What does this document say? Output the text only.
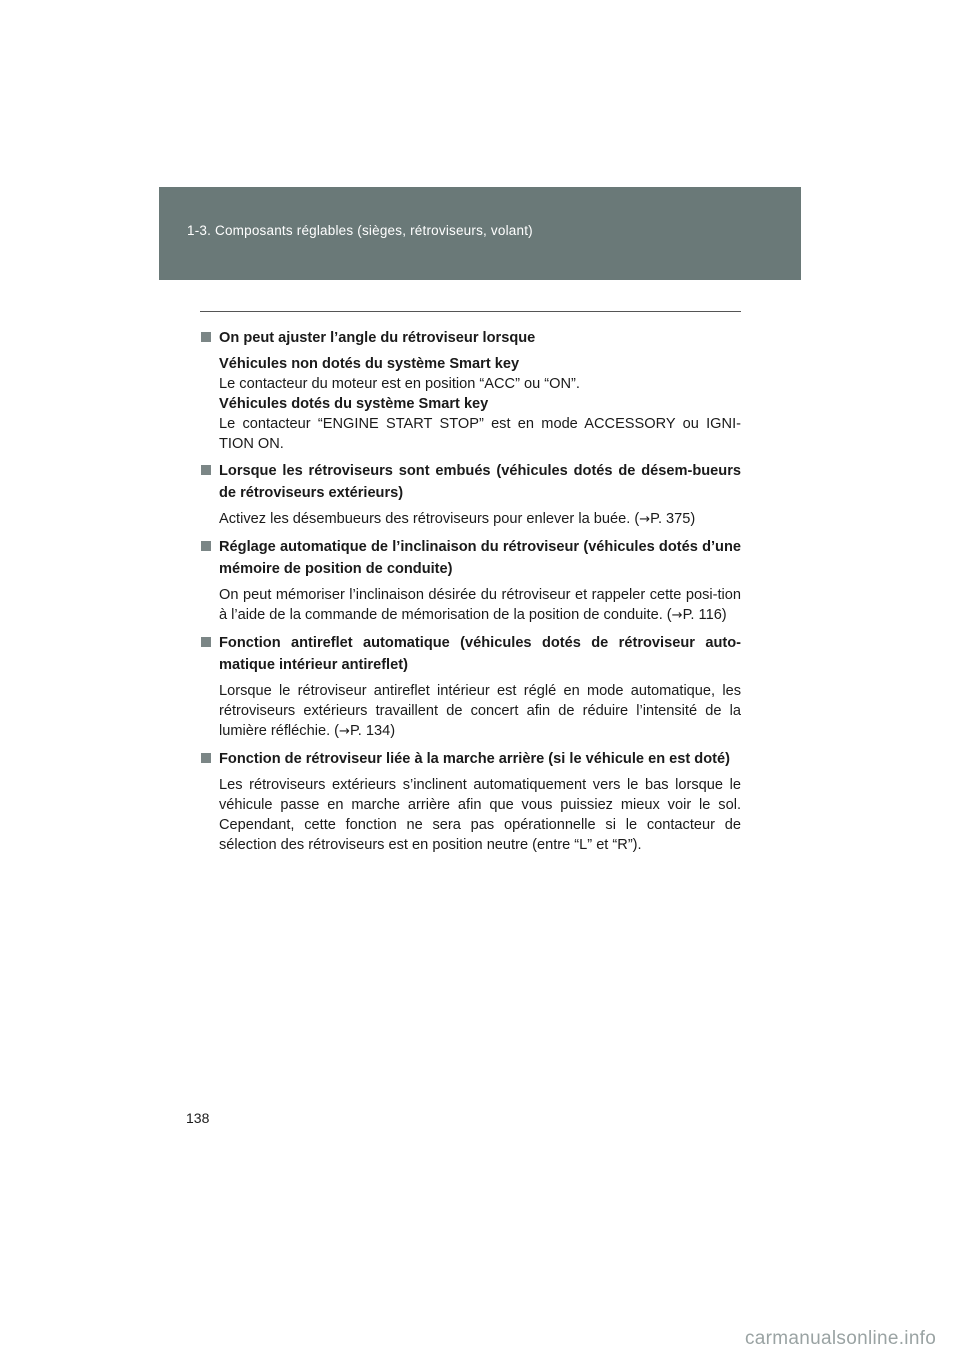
1-3. Composants réglables (sièges, rétroviseurs, volant)
On peut ajuster l’angle du rétroviseur lorsque
Véhicules non dotés du système Smart key
Le contacteur du moteur est en position “ACC” ou “ON”.
Véhicules dotés du système Smart key
Le contacteur “ENGINE START STOP” est en mode ACCESSORY ou IGNI-TION ON.
Lorsque les rétroviseurs sont embués (véhicules dotés de désem-bueurs de rétroviseurs extérieurs)
Activez les désembueurs des rétroviseurs pour enlever la buée. (→P. 375)
Réglage automatique de l’inclinaison du rétroviseur (véhicules dotés d’une mémoire de position de conduite)
On peut mémoriser l’inclinaison désirée du rétroviseur et rappeler cette posi-tion à l’aide de la commande de mémorisation de la position de conduite. (→P. 116)
Fonction antireflet automatique (véhicules dotés de rétroviseur auto-matique intérieur antireflet)
Lorsque le rétroviseur antireflet intérieur est réglé en mode automatique, les rétroviseurs extérieurs travaillent de concert afin de réduire l’intensité de la lumière réfléchie. (→P. 134)
Fonction de rétroviseur liée à la marche arrière (si le véhicule en est doté)
Les rétroviseurs extérieurs s’inclinent automatiquement vers le bas lorsque le véhicule passe en marche arrière afin que vous puissiez mieux voir le sol. Cependant, cette fonction ne sera pas opérationnelle si le contacteur de sélection des rétroviseurs est en position neutre (entre “L” et “R”).
138
carmanualsonline.info
